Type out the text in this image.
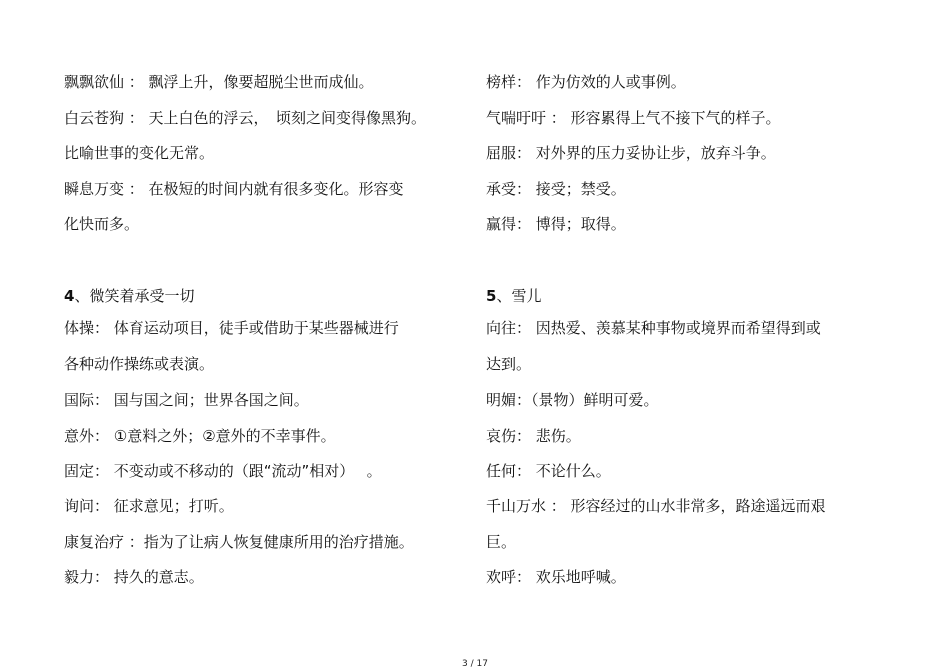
飘飘欲仙 ： 飘浮上升，像要超脱尘世而成仙。
白云苍狗 ： 天上白色的浮云，　顷刻之间变得像黑狗。
比喻世事的变化无常。
瞬息万变 ： 在极短的时间内就有很多变化。形容变
化快而多。
4、微笑着承受一切
体操： 体育运动项目，徒手或借助于某些器械进行
各种动作操练或表演。
国际： 国与国之间；世界各国之间。
意外： ①意料之外；②意外的不幸事件。
固定： 不变动或不移动的（跟“流动”相对）　 。
询问： 征求意见；打听。
康复治疗 ：指为了让病人恢复健康所用的治疗措施。
毅力： 持久的意志。
榜样： 作为仿效的人或事例。
气喘吁吁 ： 形容累得上气不接下气的样子。
屈服： 对外界的压力妥协让步，放弃斗争。
承受： 接受；禁受。
赢得： 博得；取得。
5、雪儿
向往： 因热爱、羡慕某种事物或境界而希望得到或
达到。
明媚：（景物）鲜明可爱。
哀伤： 悲伤。
任何： 不论什么。
千山万水 ： 形容经过的山水非常多，路途遥远而艰
巨。
欢呼： 欢乐地呼喊。
3 / 17
